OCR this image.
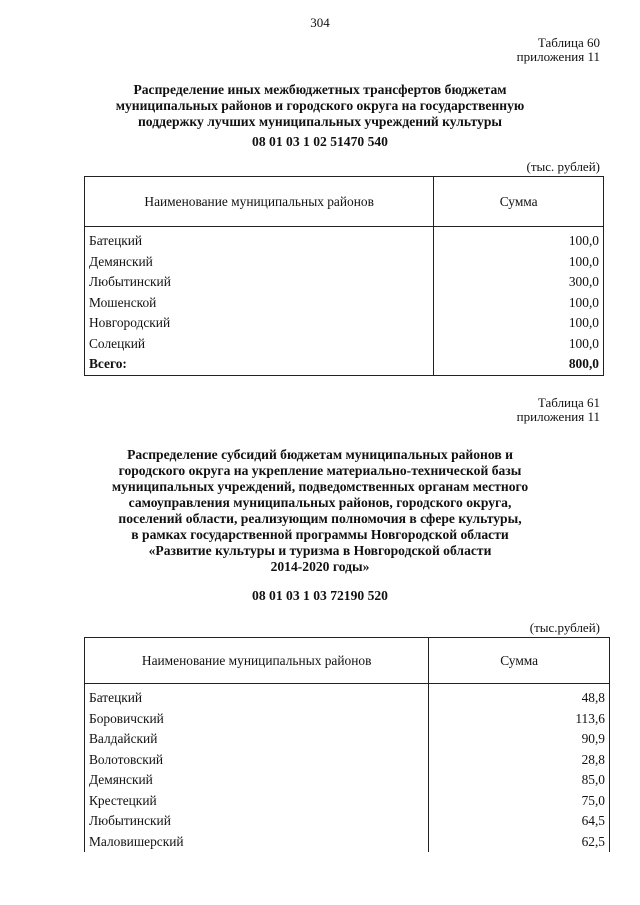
304
Таблица 60
приложения 11
Распределение иных межбюджетных трансфертов бюджетам
муниципальных районов и городского округа на государственную
поддержку лучших муниципальных учреждений культуры
08 01 03 1 02 51470 540
(тыс. рублей)
Наименование муниципальных районов	Сумма
Батецкий	100,0
Демянский	100,0
Любытинский	300,0
Мошенской	100,0
Новгородский	100,0
Солецкий	100,0
Всего:	800,0
Таблица 61
приложения 11
Распределение субсидий бюджетам муниципальных районов и
городского округа на укрепление материально-технической базы
муниципальных учреждений, подведомственных органам местного
самоуправления муниципальных районов, городского округа,
поселений области, реализующим полномочия в сфере культуры,
в рамках государственной программы Новгородской области
«Развитие культуры и туризма в Новгородской области
2014-2020 годы»
08 01 03 1 03 72190 520
(тыс.рублей)
Наименование муниципальных районов	Сумма
Батецкий	48,8
Боровичский	113,6
Валдайский	90,9
Волотовский	28,8
Демянский	85,0
Крестецкий	75,0
Любытинский	64,5
Маловишерский	62,5
